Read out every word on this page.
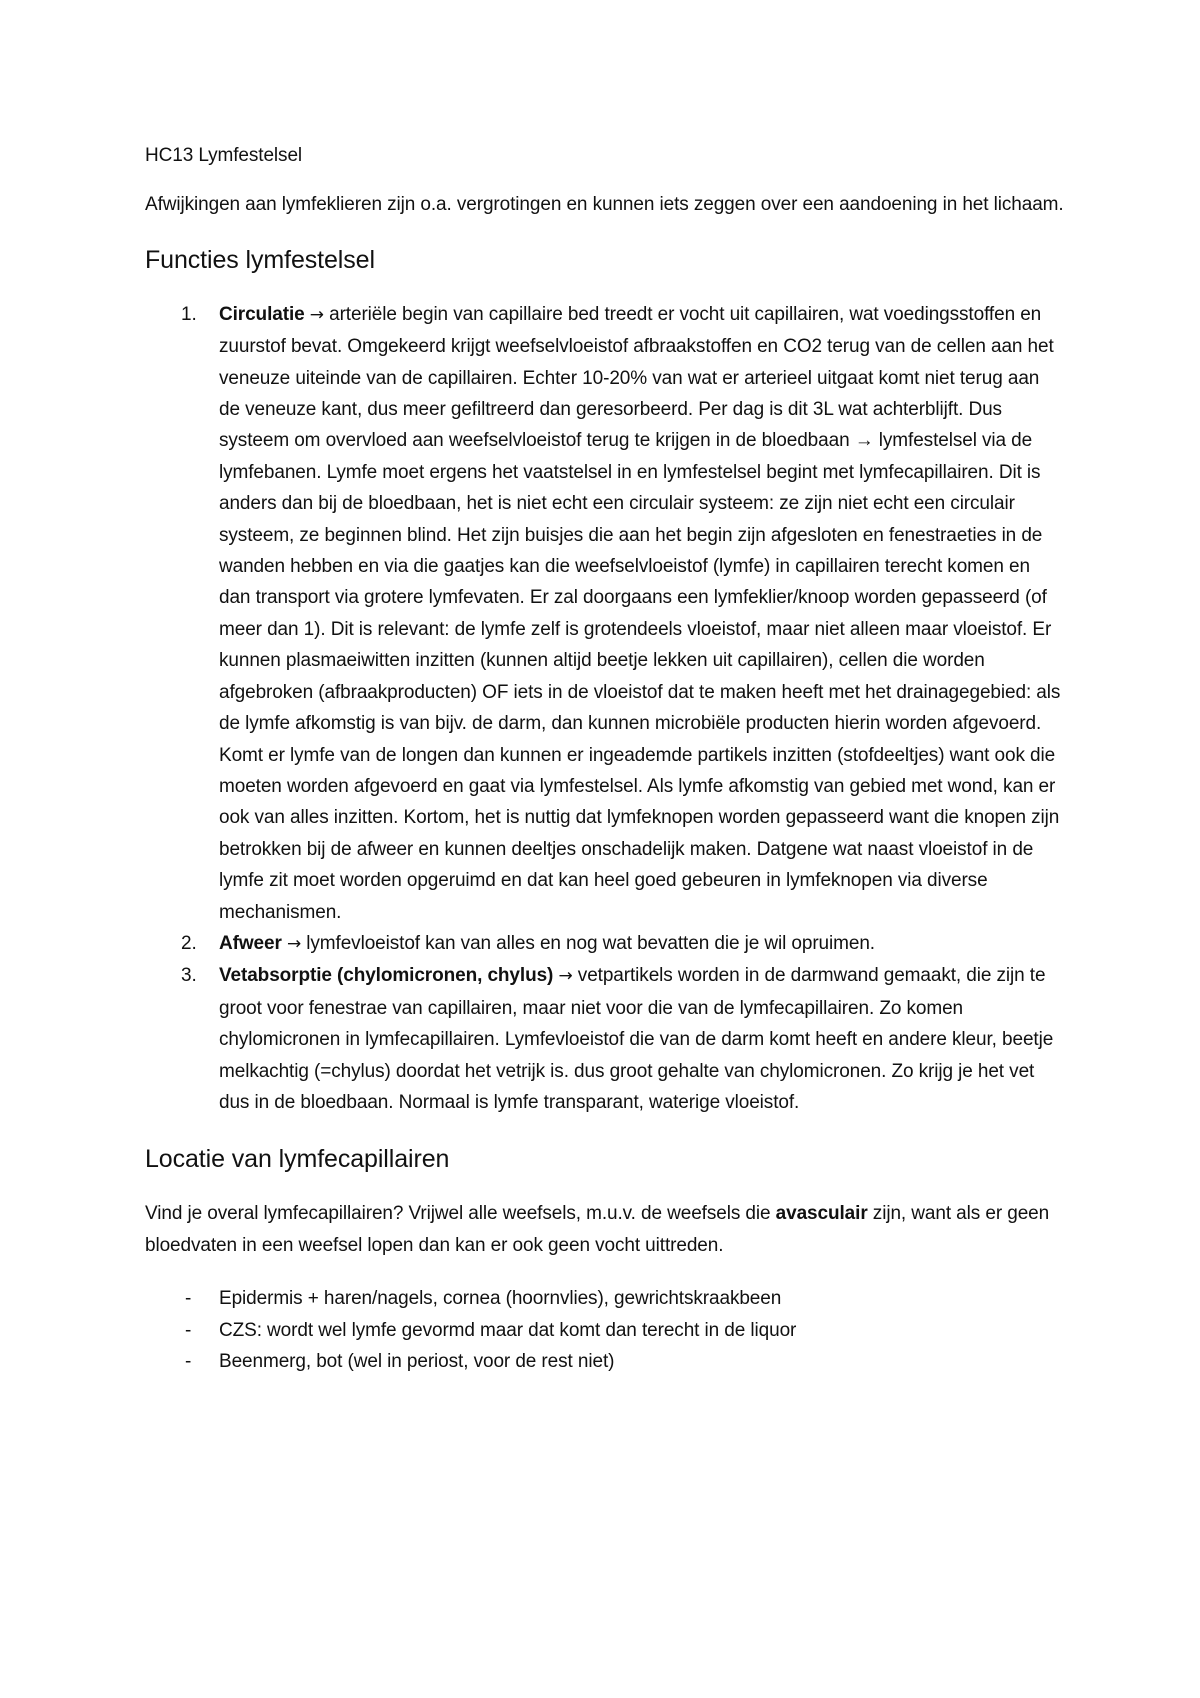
HC13 Lymfestelsel

Afwijkingen aan lymfeklieren zijn o.a. vergrotingen en kunnen iets zeggen over een aandoening in het lichaam.

Functies lymfestelsel
1. Circulatie → arteriële begin van capillaire bed treedt er vocht uit capillairen, wat voedingsstoffen en zuurstof bevat. Omgekeerd krijgt weefselvloeistof afbraakstoffen en CO2 terug van de cellen aan het veneuze uiteinde van de capillairen. Echter 10-20% van wat er arterieel uitgaat komt niet terug aan de veneuze kant, dus meer gefiltreerd dan geresorbeerd. Per dag is dit 3L wat achterblijft. Dus systeem om overvloed aan weefselvloeistof terug te krijgen in de bloedbaan → lymfestelsel via de lymfebanen. Lymfe moet ergens het vaatstelsel in en lymfestelsel begint met lymfecapillairen. Dit is anders dan bij de bloedbaan, het is niet echt een circulair systeem: ze zijn niet echt een circulair systeem, ze beginnen blind. Het zijn buisjes die aan het begin zijn afgesloten en fenestraeties in de wanden hebben en via die gaatjes kan die weefselvloeistof (lymfe) in capillairen terecht komen en dan transport via grotere lymfevaten. Er zal doorgaans een lymfeklier/knoop worden gepasseerd (of meer dan 1). Dit is relevant: de lymfe zelf is grotendeels vloeistof, maar niet alleen maar vloeistof. Er kunnen plasmaeiwitten inzitten (kunnen altijd beetje lekken uit capillairen), cellen die worden afgebroken (afbraakproducten) OF iets in de vloeistof dat te maken heeft met het drainagegebied: als de lymfe afkomstig is van bijv. de darm, dan kunnen microbiële producten hierin worden afgevoerd. Komt er lymfe van de longen dan kunnen er ingeademde partikels inzitten (stofdeeltjes) want ook die moeten worden afgevoerd en gaat via lymfestelsel. Als lymfe afkomstig van gebied met wond, kan er ook van alles inzitten. Kortom, het is nuttig dat lymfeknopen worden gepasseerd want die knopen zijn betrokken bij de afweer en kunnen deeltjes onschadelijk maken. Datgene wat naast vloeistof in de lymfe zit moet worden opgeruimd en dat kan heel goed gebeuren in lymfeknopen via diverse mechanismen.
2. Afweer → lymfevloeistof kan van alles en nog wat bevatten die je wil opruimen.
3. Vetabsorptie (chylomicronen, chylus) → vetpartikels worden in de darmwand gemaakt, die zijn te groot voor fenestrae van capillairen, maar niet voor die van de lymfecapillairen. Zo komen chylomicronen in lymfecapillairen. Lymfevloeistof die van de darm komt heeft en andere kleur, beetje melkachtig (=chylus) doordat het vetrijk is. dus groot gehalte van chylomicronen. Zo krijg je het vet dus in de bloedbaan. Normaal is lymfe transparant, waterige vloeistof.
Locatie van lymfecapillairen

Vind je overal lymfecapillairen? Vrijwel alle weefsels, m.u.v. de weefsels die avasculair zijn, want als er geen bloedvaten in een weefsel lopen dan kan er ook geen vocht uittreden.

- Epidermis + haren/nagels, cornea (hoornvlies), gewrichtskraakbeen
- CZS: wordt wel lymfe gevormd maar dat komt dan terecht in de liquor
- Beenmerg, bot (wel in periost, voor de rest niet)
